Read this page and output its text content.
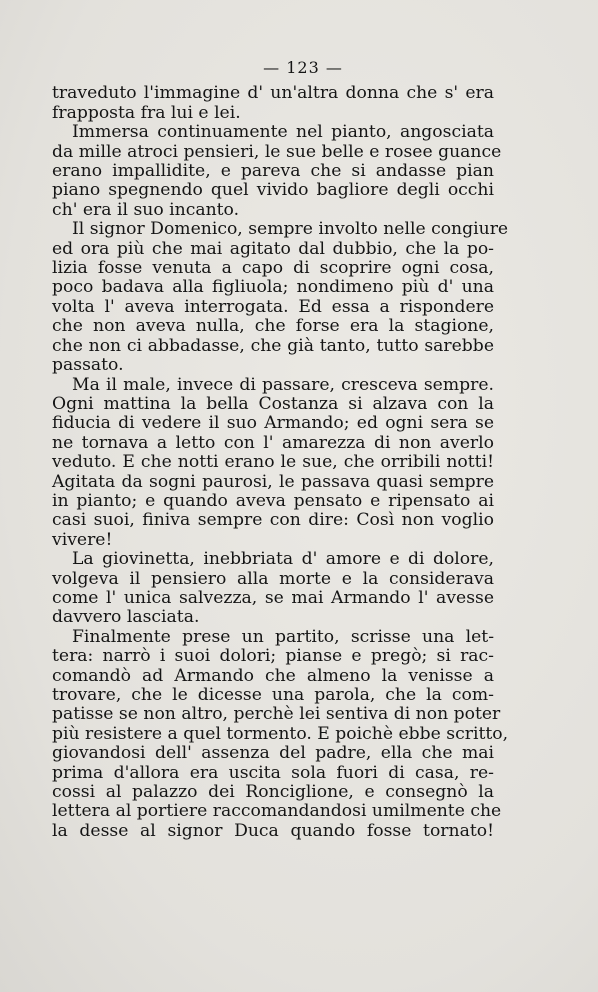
— 123 —
traveduto l'immagine d' un'altra donna che s' era
frapposta fra lui e lei.
Immersa continuamente nel pianto, angosciata
da mille atroci pensieri, le sue belle e rosee guance
erano impallidite, e pareva che si andasse pian
piano spegnendo quel vivido bagliore degli occhi
ch' era il suo incanto.
Il signor Domenico, sempre involto nelle congiure
ed ora più che mai agitato dal dubbio, che la po-
lizia fosse venuta a capo di scoprire ogni cosa,
poco badava alla figliuola; nondimeno più d' una
volta l' aveva interrogata. Ed essa a rispondere
che non aveva nulla, che forse era la stagione,
che non ci abbadasse, che già tanto, tutto sarebbe
passato.
Ma il male, invece di passare, cresceva sempre.
Ogni mattina la bella Costanza si alzava con la
fiducia di vedere il suo Armando; ed ogni sera se
ne tornava a letto con l' amarezza di non averlo
veduto. E che notti erano le sue, che orribili notti!
Agitata da sogni paurosi, le passava quasi sempre
in pianto; e quando aveva pensato e ripensato ai
casi suoi, finiva sempre con dire: Così non voglio
vivere!
La giovinetta, inebbriata d' amore e di dolore,
volgeva il pensiero alla morte e la considerava
come l' unica salvezza, se mai Armando l' avesse
davvero lasciata.
Finalmente prese un partito, scrisse una let-
tera: narrò i suoi dolori; pianse e pregò; si rac-
comandò ad Armando che almeno la venisse a
trovare, che le dicesse una parola, che la com-
patisse se non altro, perchè lei sentiva di non poter
più resistere a quel tormento. E poichè ebbe scritto,
giovandosi dell' assenza del padre, ella che mai
prima d'allora era uscita sola fuori di casa, re-
cossi al palazzo dei Ronciglione, e consegnò la
lettera al portiere raccomandandosi umilmente che
la desse al signor Duca quando fosse tornato!
